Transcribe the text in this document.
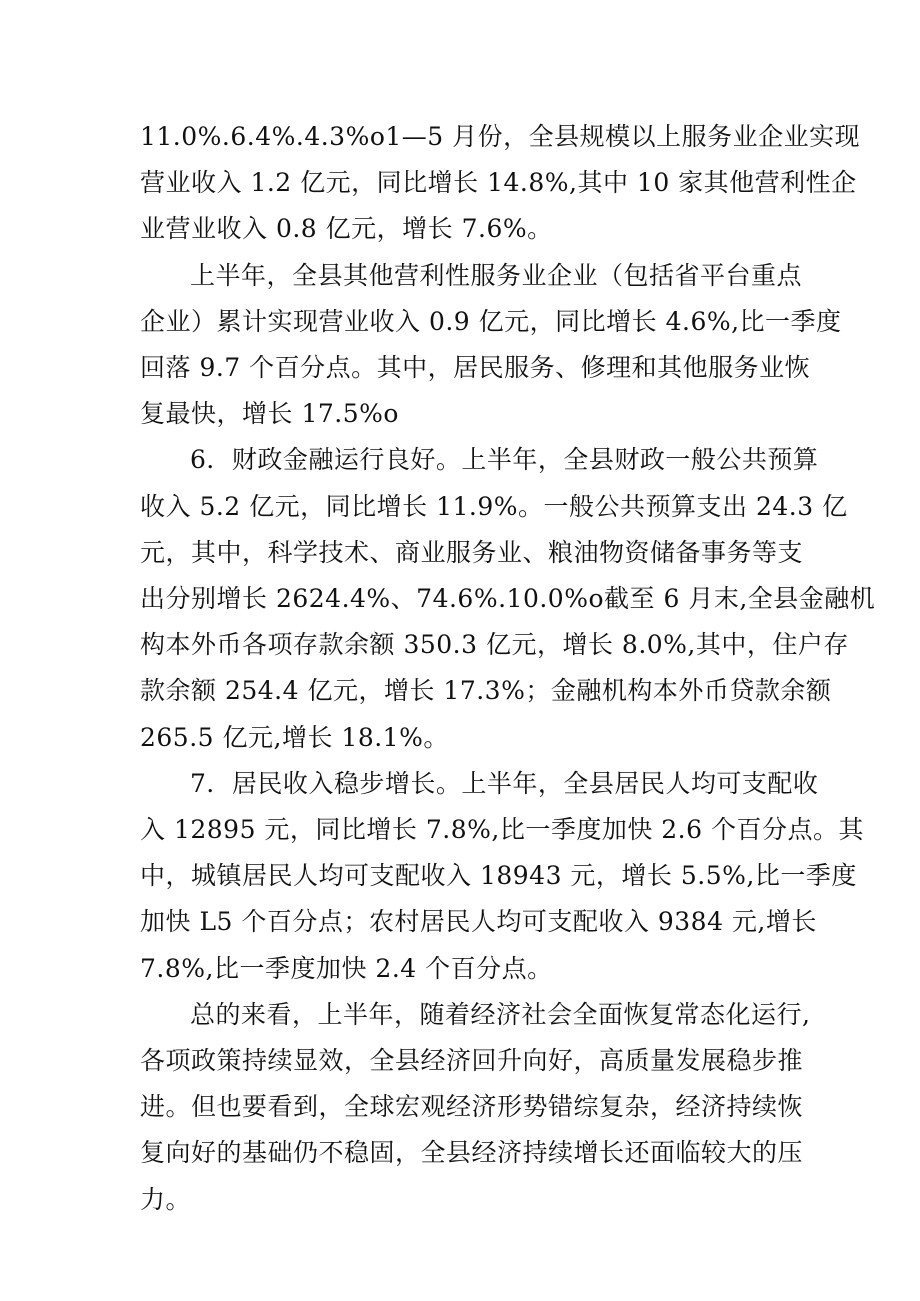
11.0%.6.4%.4.3%o1—5 月份，全县规模以上服务业企业实现
营业收入 1.2 亿元，同比增长 14.8%,其中 10 家其他营利性企
业营业收入 0.8 亿元，增长 7.6%。

上半年，全县其他营利性服务业企业（包括省平台重点
企业）累计实现营业收入 0.9 亿元，同比增长 4.6%,比一季度
回落 9.7 个百分点。其中，居民服务、修理和其他服务业恢
复最快，增长 17.5%o

6．财政金融运行良好。上半年，全县财政一般公共预算
收入 5.2 亿元，同比增长 11.9%。一般公共预算支出 24.3 亿
元，其中，科学技术、商业服务业、粮油物资储备事务等支
出分别增长 2624.4%、74.6%.10.0%o截至 6 月末,全县金融机
构本外币各项存款余额 350.3 亿元，增长 8.0%,其中，住户存
款余额 254.4 亿元，增长 17.3%；金融机构本外币贷款余额
265.5 亿元,增长 18.1%。

7．居民收入稳步增长。上半年，全县居民人均可支配收
入 12895 元，同比增长 7.8%,比一季度加快 2.6 个百分点。其
中，城镇居民人均可支配收入 18943 元，增长 5.5%,比一季度
加快 L5 个百分点；农村居民人均可支配收入 9384 元,增长
7.8%,比一季度加快 2.4 个百分点。

总的来看，上半年，随着经济社会全面恢复常态化运行,
各项政策持续显效，全县经济回升向好，高质量发展稳步推
进。但也要看到，全球宏观经济形势错综复杂，经济持续恢
复向好的基础仍不稳固，全县经济持续增长还面临较大的压
力。
